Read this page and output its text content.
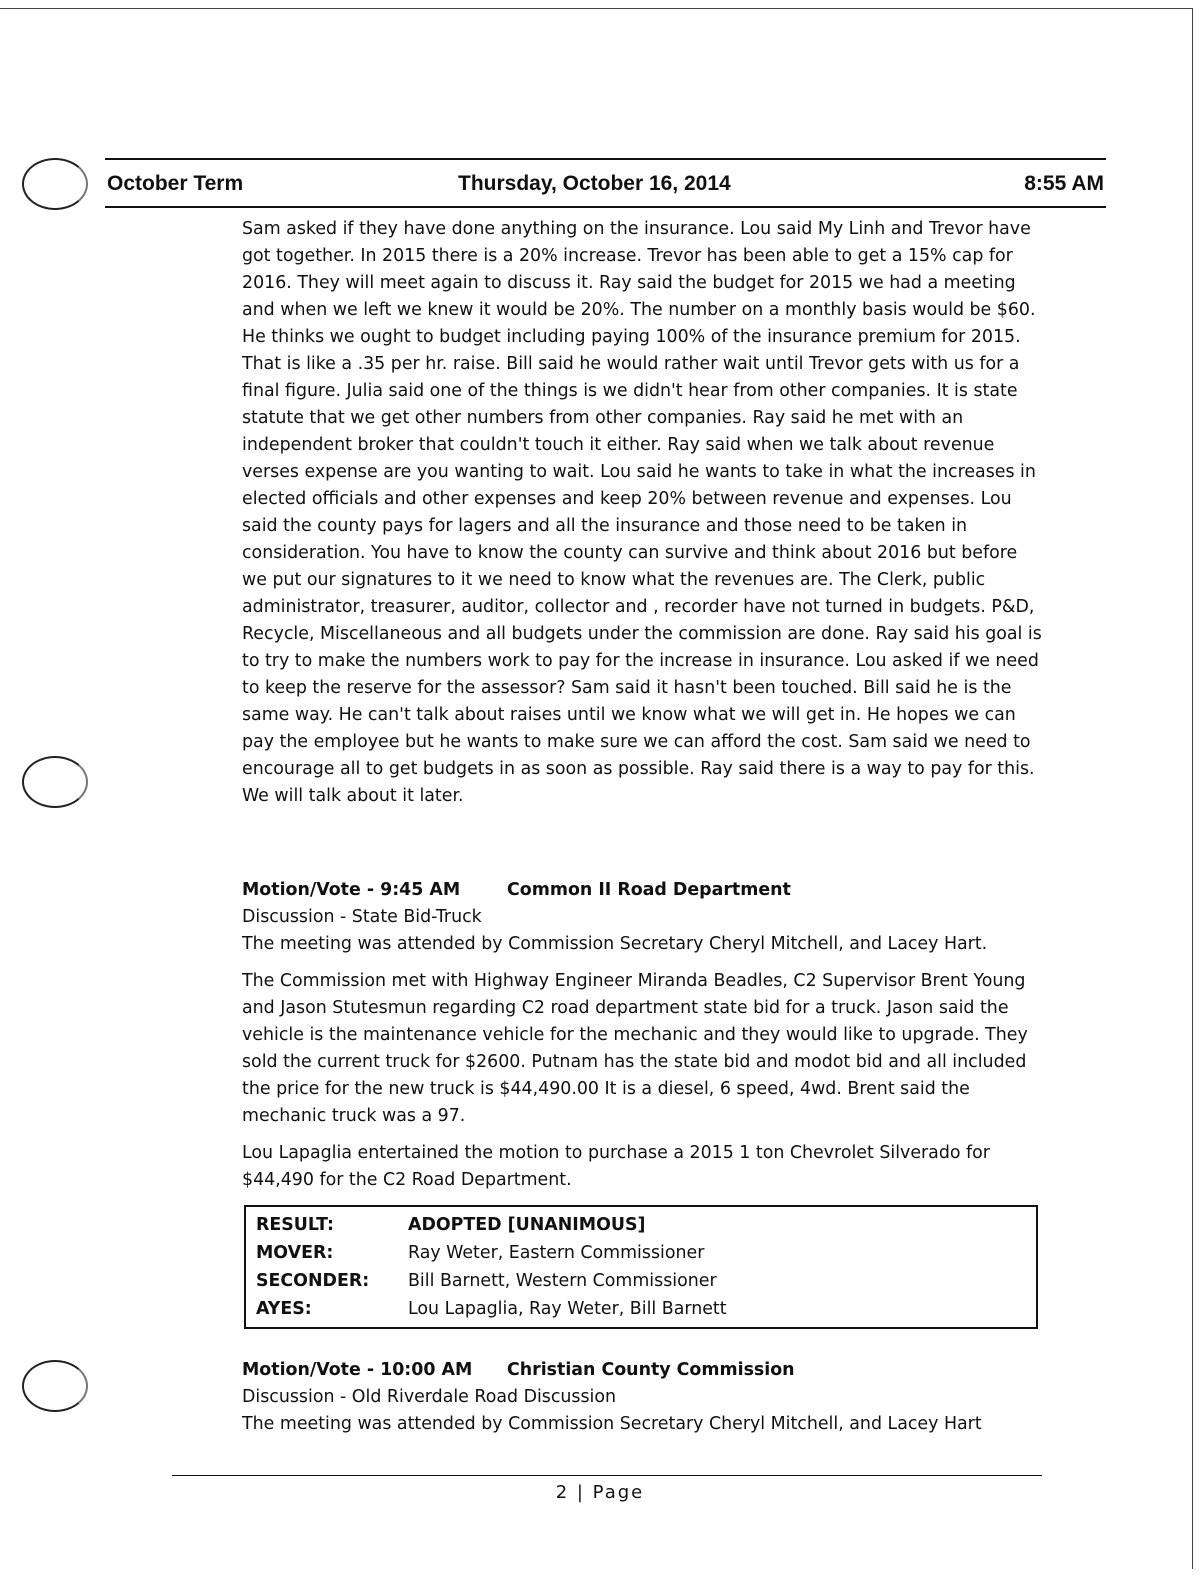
October Term	Thursday, October 16, 2014	8:55 AM

Sam asked if they have done anything on the insurance. Lou said My Linh and Trevor have got together. In 2015 there is a 20% increase. Trevor has been able to get a 15% cap for 2016. They will meet again to discuss it. Ray said the budget for 2015 we had a meeting and when we left we knew it would be 20%. The number on a monthly basis would be $60. He thinks we ought to budget including paying 100% of the insurance premium for 2015. That is like a .35 per hr. raise. Bill said he would rather wait until Trevor gets with us for a final figure. Julia said one of the things is we didn't hear from other companies. It is state statute that we get other numbers from other companies. Ray said he met with an independent broker that couldn't touch it either. Ray said when we talk about revenue verses expense are you wanting to wait. Lou said he wants to take in what the increases in elected officials and other expenses and keep 20% between revenue and expenses. Lou said the county pays for lagers and all the insurance and those need to be taken in consideration. You have to know the county can survive and think about 2016 but before we put our signatures to it we need to know what the revenues are. The Clerk, public administrator, treasurer, auditor, collector and , recorder have not turned in budgets. P&D, Recycle, Miscellaneous and all budgets under the commission are done. Ray said his goal is to try to make the numbers work to pay for the increase in insurance. Lou asked if we need to keep the reserve for the assessor? Sam said it hasn't been touched. Bill said he is the same way. He can't talk about raises until we know what we will get in. He hopes we can pay the employee but he wants to make sure we can afford the cost. Sam said we need to encourage all to get budgets in as soon as possible. Ray said there is a way to pay for this. We will talk about it later.

Motion/Vote - 9:45 AM	Common II Road Department

Discussion - State Bid-Truck

The meeting was attended by Commission Secretary Cheryl Mitchell, and Lacey Hart.

The Commission met with Highway Engineer Miranda Beadles, C2 Supervisor Brent Young and Jason Stutesmun regarding C2 road department state bid for a truck. Jason said the vehicle is the maintenance vehicle for the mechanic and they would like to upgrade. They sold the current truck for $2600. Putnam has the state bid and modot bid and all included the price for the new truck is $44,490.00 It is a diesel, 6 speed, 4wd. Brent said the mechanic truck was a 97.

Lou Lapaglia entertained the motion to purchase a 2015 1 ton Chevrolet Silverado for $44,490 for the C2 Road Department.

RESULT:	ADOPTED [UNANIMOUS]
MOVER:	Ray Weter, Eastern Commissioner
SECONDER:	Bill Barnett, Western Commissioner
AYES:	Lou Lapaglia, Ray Weter, Bill Barnett

Motion/Vote - 10:00 AM Christian County Commission

Discussion - Old Riverdale Road Discussion

The meeting was attended by Commission Secretary Cheryl Mitchell, and Lacey Hart

2 | Page
